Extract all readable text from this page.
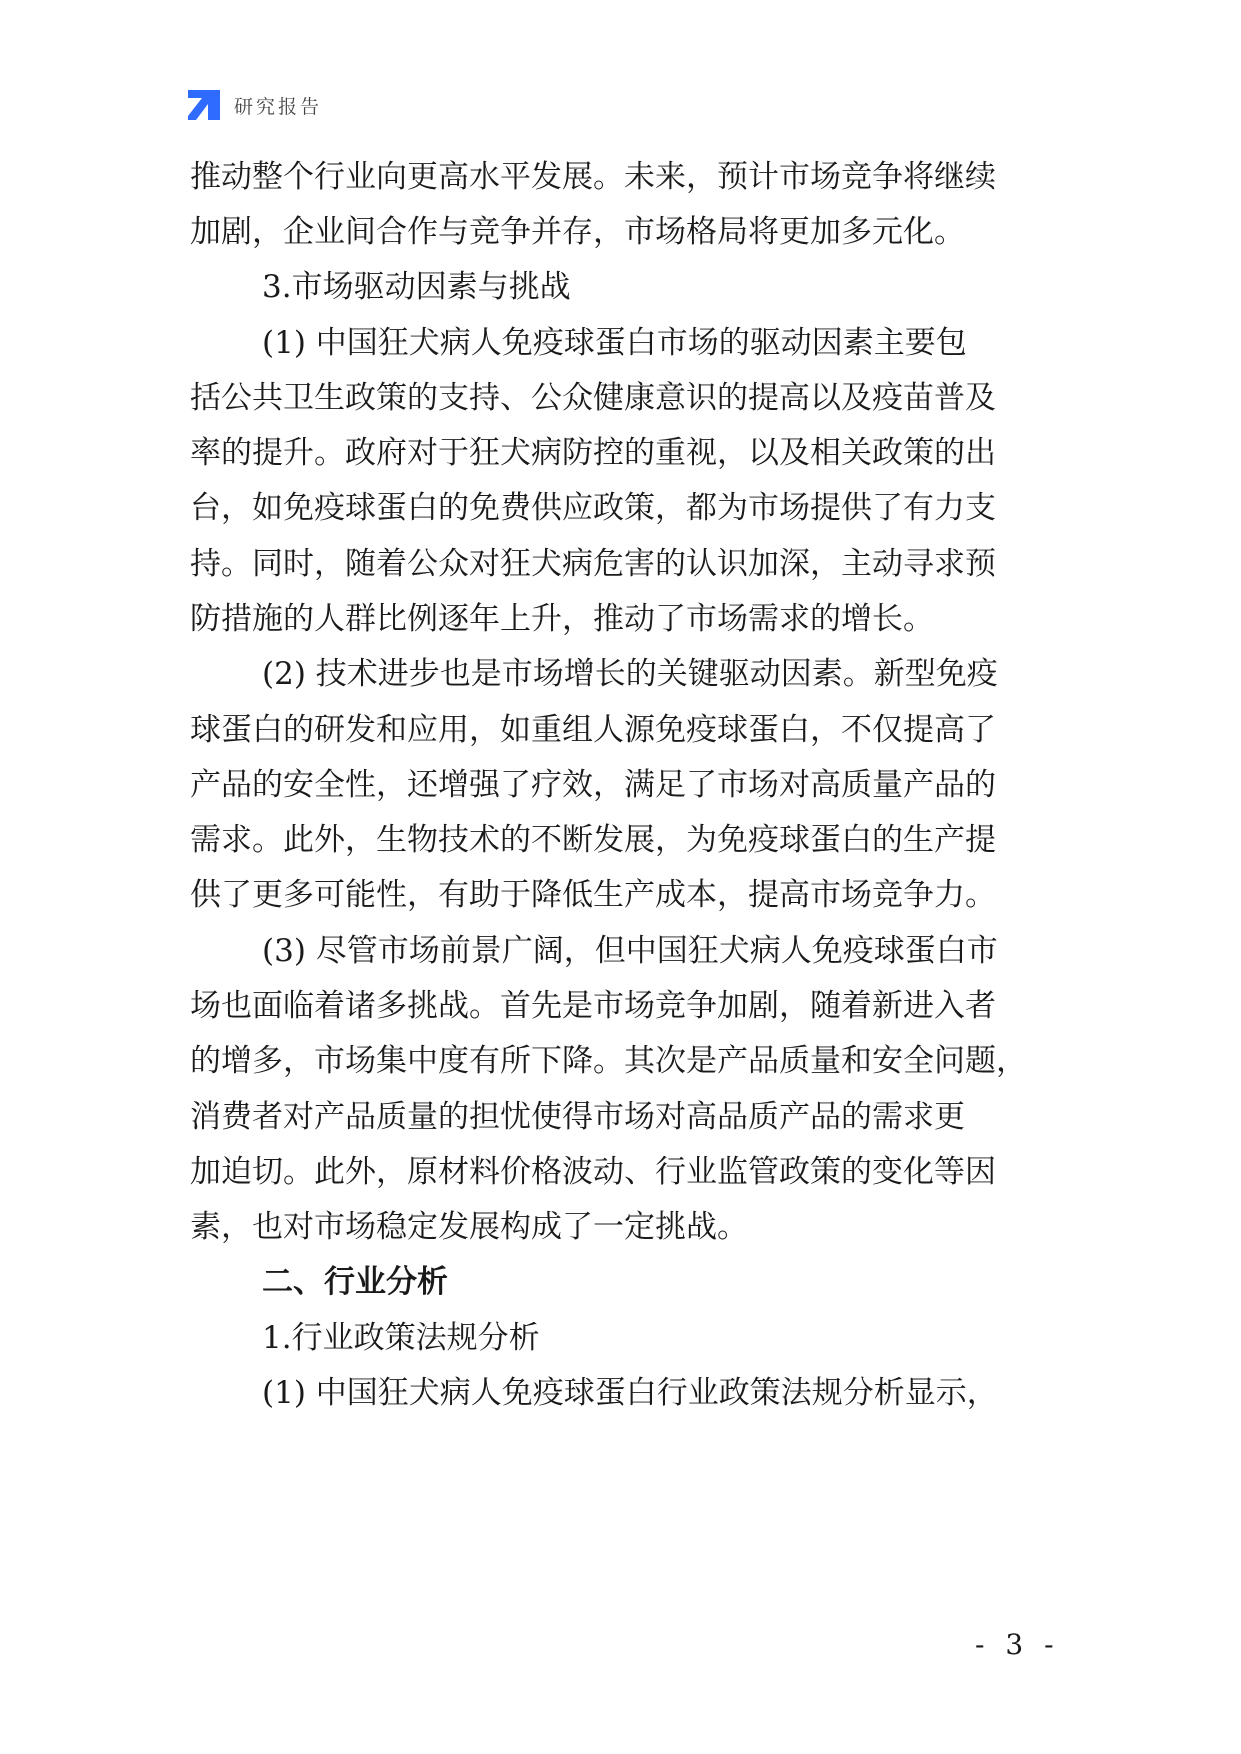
研究报告
推动整个行业向更高水平发展。未来，预计市场竞争将继续
加剧，企业间合作与竞争并存，市场格局将更加多元化。
3.市场驱动因素与挑战
(1) 中国狂犬病人免疫球蛋白市场的驱动因素主要包
括公共卫生政策的支持、公众健康意识的提高以及疫苗普及
率的提升。政府对于狂犬病防控的重视，以及相关政策的出
台，如免疫球蛋白的免费供应政策，都为市场提供了有力支
持。同时，随着公众对狂犬病危害的认识加深，主动寻求预
防措施的人群比例逐年上升，推动了市场需求的增长。
(2) 技术进步也是市场增长的关键驱动因素。新型免疫
球蛋白的研发和应用，如重组人源免疫球蛋白，不仅提高了
产品的安全性，还增强了疗效，满足了市场对高质量产品的
需求。此外，生物技术的不断发展，为免疫球蛋白的生产提
供了更多可能性，有助于降低生产成本，提高市场竞争力。
(3) 尽管市场前景广阔，但中国狂犬病人免疫球蛋白市
场也面临着诸多挑战。首先是市场竞争加剧，随着新进入者
的增多，市场集中度有所下降。其次是产品质量和安全问题，
消费者对产品质量的担忧使得市场对高品质产品的需求更
加迫切。此外，原材料价格波动、行业监管政策的变化等因
素，也对市场稳定发展构成了一定挑战。
二、行业分析
1.行业政策法规分析
(1) 中国狂犬病人免疫球蛋白行业政策法规分析显示，
- 3 -
